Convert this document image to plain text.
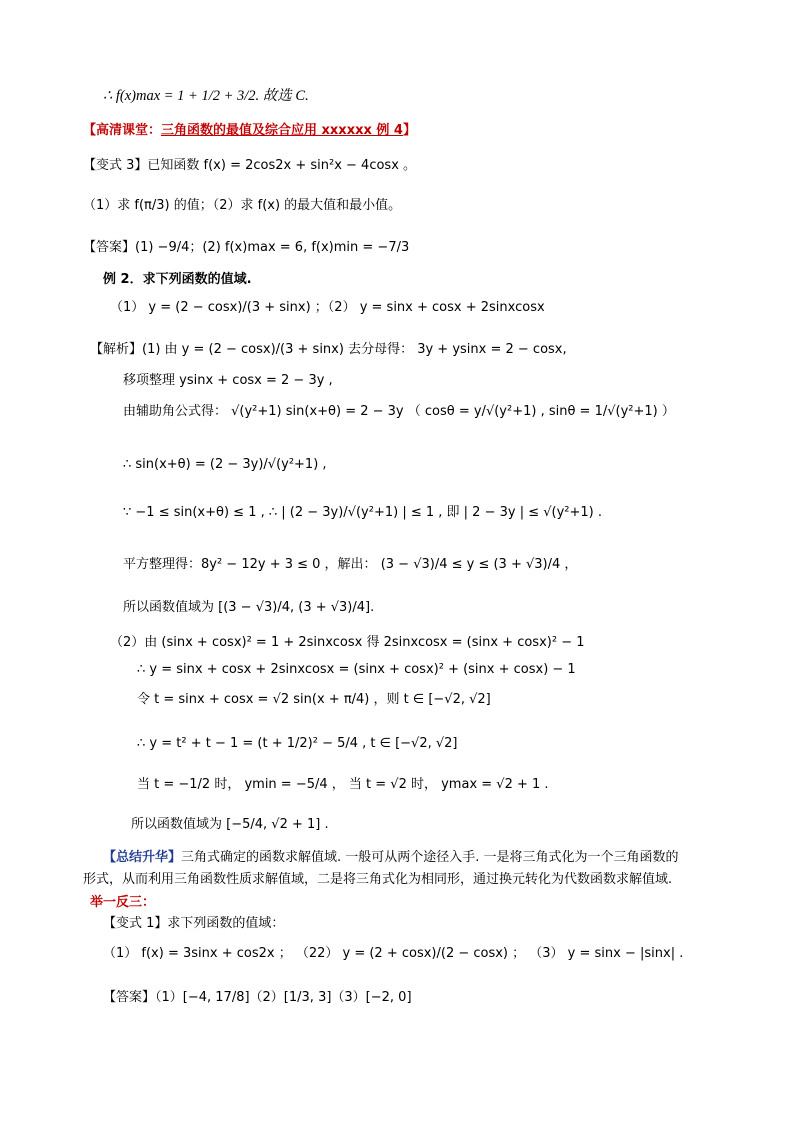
∴ f(x)max = 1 + 1/2 + 3/2. 故选 C.
【高清课堂：三角函数的最值及综合应用 xxxxxx 例 4】
【变式 3】已知函数 f(x) = 2cos2x + sin²x − 4cosx 。
（1）求 f(π/3) 的值；（2）求 f(x) 的最大值和最小值。
【答案】(1) −9/4；(2) f(x)max = 6, f(x)min = −7/3
例 2．求下列函数的值域.
（1） y = (2 − cosx)/(3 + sinx) ；（2） y = sinx + cosx + 2sinxcosx
【解析】(1) 由 y = (2 − cosx)/(3 + sinx) 去分母得： 3y + ysinx = 2 − cosx,
移项整理 ysinx + cosx = 2 − 3y ,
由辅助角公式得： √(y²+1) sin(x+θ) = 2 − 3y （ cosθ = y/√(y²+1) , sinθ = 1/√(y²+1) ）
∴ sin(x+θ) = (2 − 3y)/√(y²+1) ,
∵ −1 ≤ sin(x+θ) ≤ 1 , ∴ | (2 − 3y)/√(y²+1) | ≤ 1 , 即 | 2 − 3y | ≤ √(y²+1) .
平方整理得：8y² − 12y + 3 ≤ 0 ，解出： (3 − √3)/4 ≤ y ≤ (3 + √3)/4 ，
所以函数值域为 [(3 − √3)/4, (3 + √3)/4].
（2）由 (sinx + cosx)² = 1 + 2sinxcosx 得 2sinxcosx = (sinx + cosx)² − 1
∴ y = sinx + cosx + 2sinxcosx = (sinx + cosx)² + (sinx + cosx) − 1
令 t = sinx + cosx = √2 sin(x + π/4) ，则 t ∈ [−√2, √2]
∴ y = t² + t − 1 = (t + 1/2)² − 5/4 , t ∈ [−√2, √2]
当 t = −1/2 时， ymin = −5/4 ， 当 t = √2 时， ymax = √2 + 1 .
所以函数值域为 [−5/4, √2 + 1] .
【总结升华】三角式确定的函数求解值域. 一般可从两个途径入手. 一是将三角式化为一个三角函数的
形式，从而利用三角函数性质求解值域，二是将三角式化为相同形，通过换元转化为代数函数求解值域.
举一反三：
【变式 1】求下列函数的值域：
（1） f(x) = 3sinx + cos2x ； （22） y = (2 + cosx)/(2 − cosx) ； （3） y = sinx − |sinx| .
【答案】（1）[−4, 17/8]（2）[1/3, 3]（3）[−2, 0]
